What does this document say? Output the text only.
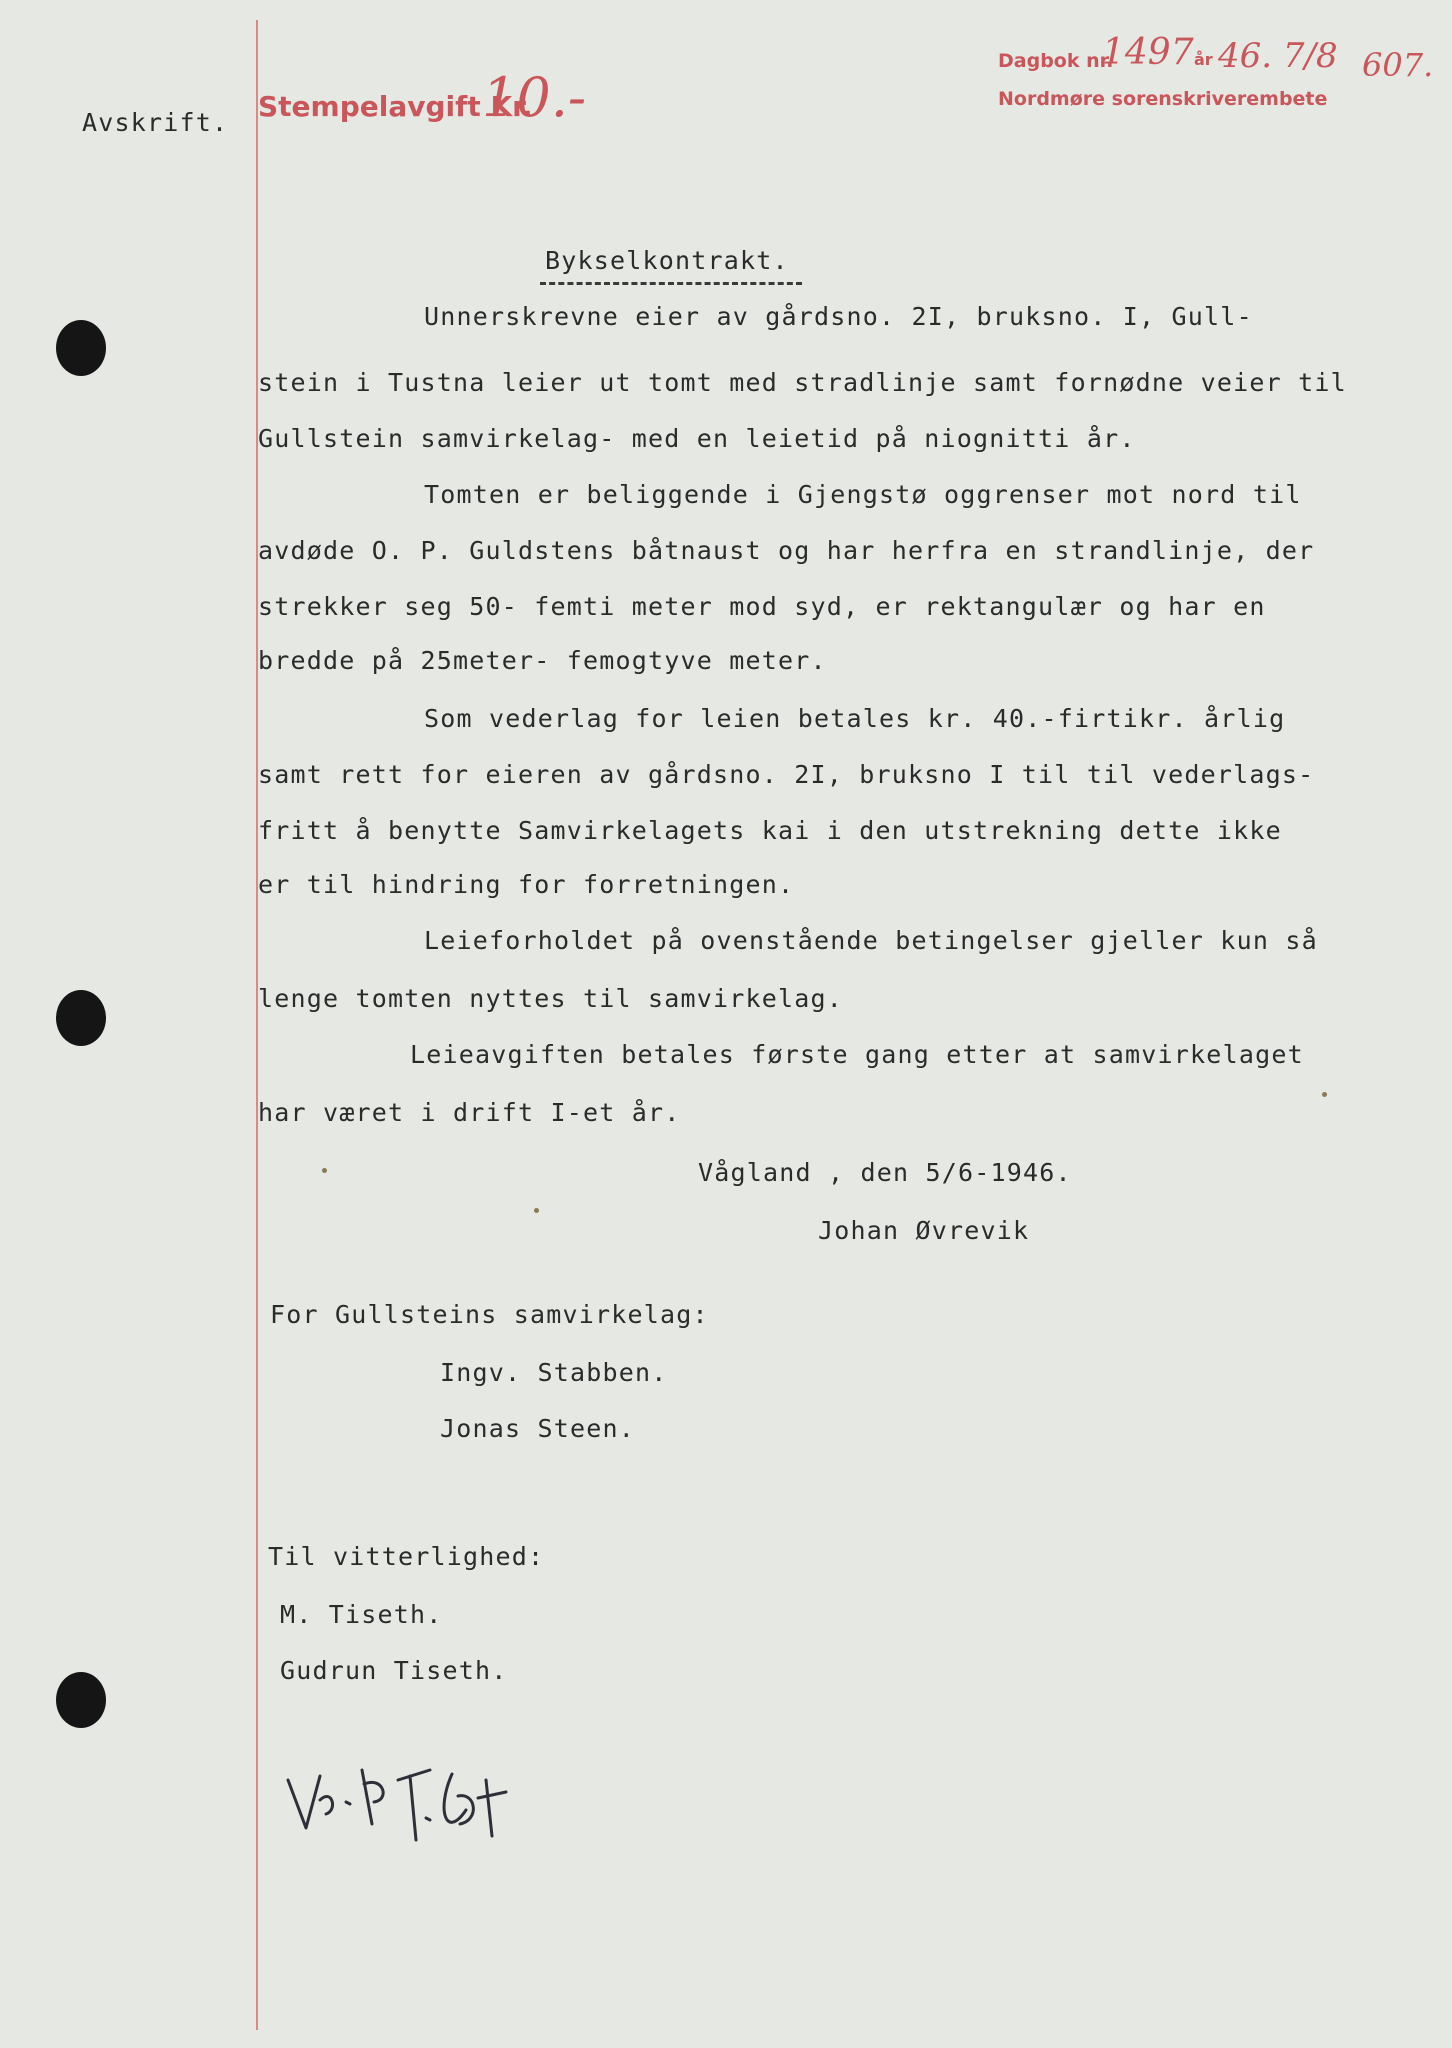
Avskrift. Stempelavgift Kr.
10.-
Dagbok nr.
1497 år 46. 7/8 607.
Nordmøre sorenskriverembete
Bykselkontrakt.
Unnerskrevne eier av gårdsno. 2I, bruksno. I, Gull-
stein i Tustna leier ut tomt med stradlinje samt fornødne veier til
Gullstein samvirkelag- med en leietid på niognitti år.
Tomten er beliggende i Gjengstø oggrenser mot nord til
avdøde O. P. Guldstens båtnaust og har herfra en strandlinje, der
strekker seg 50- femti meter mod syd, er rektangulær og har en
bredde på 25meter- femogtyve meter.
Som vederlag for leien betales kr. 40.-firtikr. årlig
samt rett for eieren av gårdsno. 2I, bruksno I til til vederlags-
fritt å benytte Samvirkelagets kai i den utstrekning dette ikke
er til hindring for forretningen.
Leieforholdet på ovenstående betingelser gjeller kun så
lenge tomten nyttes til samvirkelag.
Leieavgiften betales første gang etter at samvirkelaget
har været i drift I-et år.
Vågland , den 5/6-1946.
Johan Øvrevik
For Gullsteins samvirkelag:
Ingv. Stabben.
Jonas Steen.
Til vitterlighed:
M. Tiseth.
Gudrun Tiseth.
